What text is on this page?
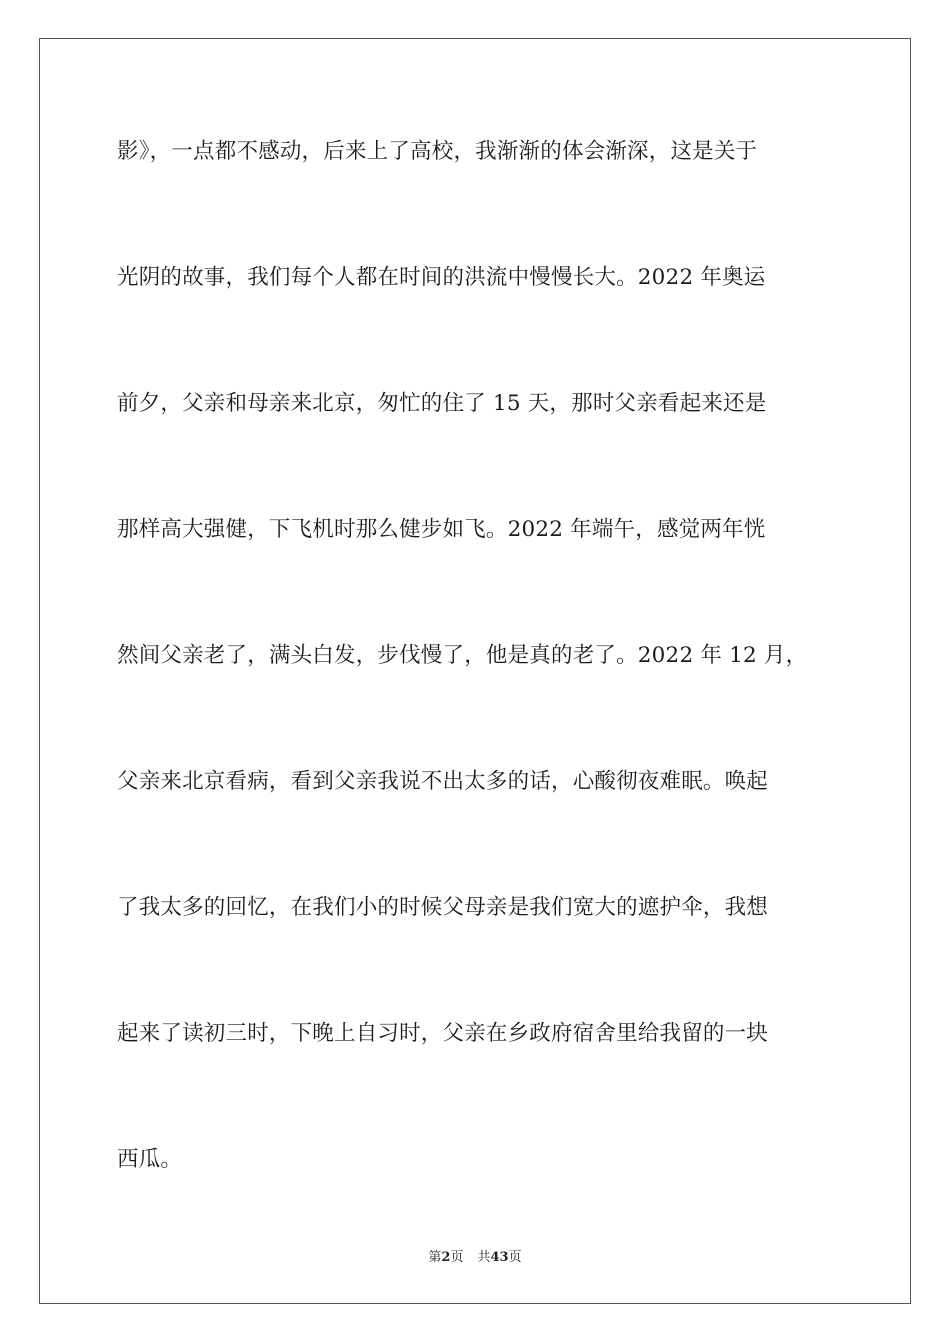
影》，一点都不感动，后来上了高校，我渐渐的体会渐深，这是关于
光阴的故事，我们每个人都在时间的洪流中慢慢长大。2022 年奥运
前夕，父亲和母亲来北京，匆忙的住了 15 天，那时父亲看起来还是
那样高大强健，下飞机时那么健步如飞。2022 年端午，感觉两年恍
然间父亲老了，满头白发，步伐慢了，他是真的老了。2022 年 12 月，
父亲来北京看病，看到父亲我说不出太多的话，心酸彻夜难眠。唤起
了我太多的回忆，在我们小的时候父母亲是我们宽大的遮护伞，我想
起来了读初三时，下晚上自习时，父亲在乡政府宿舍里给我留的一块
西瓜。
第2页 共43页
